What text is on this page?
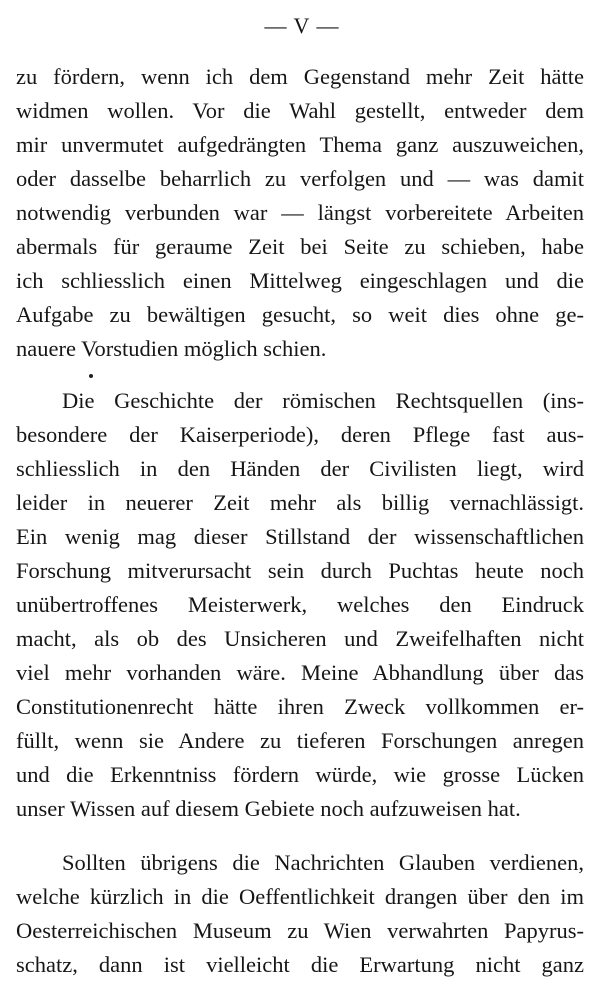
— V —
zu fördern, wenn ich dem Gegenstand mehr Zeit hätte
widmen wollen. Vor die Wahl gestellt, entweder dem
mir unvermutet aufgedrängten Thema ganz auszuweichen,
oder dasselbe beharrlich zu verfolgen und — was damit
notwendig verbunden war — längst vorbereitete Arbeiten
abermals für geraume Zeit bei Seite zu schieben, habe
ich schliesslich einen Mittelweg eingeschlagen und die
Aufgabe zu bewältigen gesucht, so weit dies ohne ge-
nauere Vorstudien möglich schien.
Die Geschichte der römischen Rechtsquellen (ins-
besondere der Kaiserperiode), deren Pflege fast aus-
schliesslich in den Händen der Civilisten liegt, wird
leider in neuerer Zeit mehr als billig vernachlässigt.
Ein wenig mag dieser Stillstand der wissenschaftlichen
Forschung mitverursacht sein durch Puchtas heute noch
unübertroffenes Meisterwerk, welches den Eindruck
macht, als ob des Unsicheren und Zweifelhaften nicht
viel mehr vorhanden wäre. Meine Abhandlung über das
Constitutionenrecht hätte ihren Zweck vollkommen er-
füllt, wenn sie Andere zu tieferen Forschungen anregen
und die Erkenntniss fördern würde, wie grosse Lücken
unser Wissen auf diesem Gebiete noch aufzuweisen hat.
Sollten übrigens die Nachrichten Glauben verdienen,
welche kürzlich in die Oeffentlichkeit drangen über den im
Oesterreichischen Museum zu Wien verwahrten Papyrus-
schatz, dann ist vielleicht die Erwartung nicht ganz
